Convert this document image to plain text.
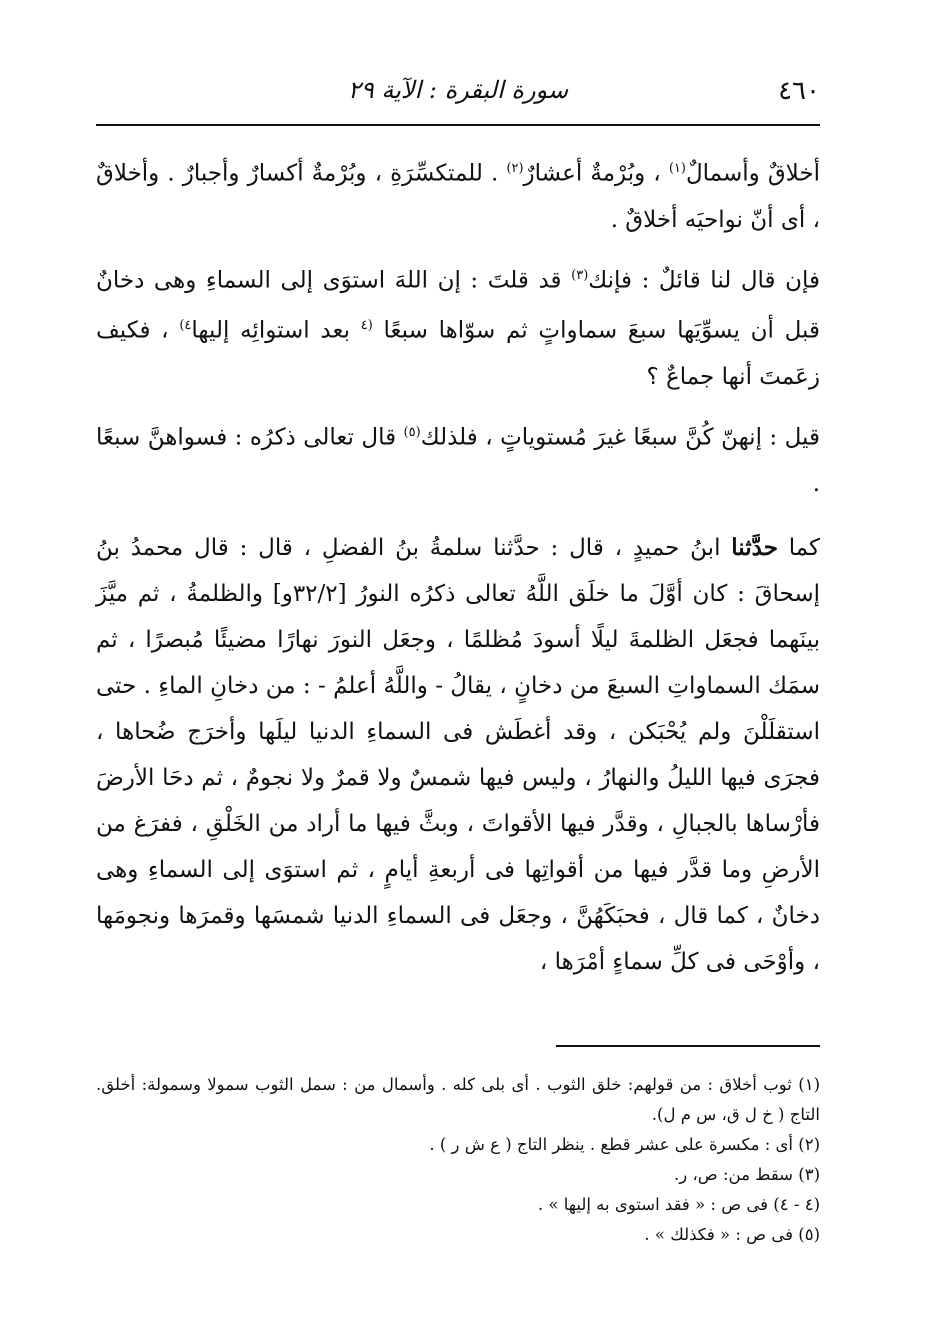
٤٦٠
سورة البقرة : الآية ٢٩

أخلاقٌ وأسمالٌ$^{(١)}$ ، وبُرْمةٌ أعشارٌ$^{(٢)}$ . للمتكسِّرَةِ ، وبُرْمةٌ أكسارٌ وأجبارٌ . وأخلاقٌ ، أى أنّ نواحيَه أخلاقٌ .

فإن قال لنا قائلٌ : فإنك$^{(٣)}$ قد قلتَ : إن اللهَ استوَى إلى السماءِ وهى دخانٌ قبل أن يسوِّيَها سبعَ سماواتٍ ثم سوّاها سبعًا $^{(٤}$ بعد استوائِه إليها$^{٤)}$ ، فكيف زعَمتَ أنها جماعٌ ؟

قيل : إنهنّ كُنَّ سبعًا غيرَ مُستوياتٍ ، فلذلك$^{(٥)}$ قال تعالى ذكرُه : فسواهنَّ سبعًا .

كما حدَّثنا ابنُ حميدٍ ، قال : حدَّثنا سلمةُ بنُ الفضلِ ، قال : قال محمدُ بنُ إسحاقَ : كان أوَّلَ ما خلَق اللَّهُ تعالى ذكرُه النورُ [٣٢/٢و] والظلمةُ ، ثم ميَّزَ بينَهما فجعَل الظلمةَ ليلًا أسودَ مُظلمًا ، وجعَل النورَ نهارًا مضيئًا مُبصرًا ، ثم سمَك السماواتِ السبعَ من دخانٍ ، يقالُ - واللَّهُ أعلمُ - : من دخانِ الماءِ . حتى استقلَلْنَ ولم يُحْبَكن ، وقد أغطَش فى السماءِ الدنيا ليلَها وأخرَج ضُحاها ، فجرَى فيها الليلُ والنهارُ ، وليس فيها شمسٌ ولا قمرٌ ولا نجومٌ ، ثم دحَا الأرضَ فأرْساها بالجبالِ ، وقدَّر فيها الأقواتَ ، وبثَّ فيها ما أراد من الخَلْقِ ، ففرَغ من الأرضِ وما قدَّر فيها من أقواتِها فى أربعةِ أيامٍ ، ثم استوَى إلى السماءِ وهى دخانٌ ، كما قال ، فحبَكَهُنَّ ، وجعَل فى السماءِ الدنيا شمسَها وقمرَها ونجومَها ، وأوْحَى فى كلِّ سماءٍ أمْرَها ،

(١) ثوب أخلاق : من قولهم: خلق الثوب . أى بلى كله . وأسمال من : سمل الثوب سمولا وسمولة: أخلق. التاج ( خ ل ق، س م ل).

(٢) أى : مكسرة على عشر قطع . ينظر التاج ( ع ش ر ) .

(٣) سقط من: ص، ر.

(٤ - ٤) فى ص : « فقد استوى به إليها » .

(٥) فى ص : « فكذلك » .
